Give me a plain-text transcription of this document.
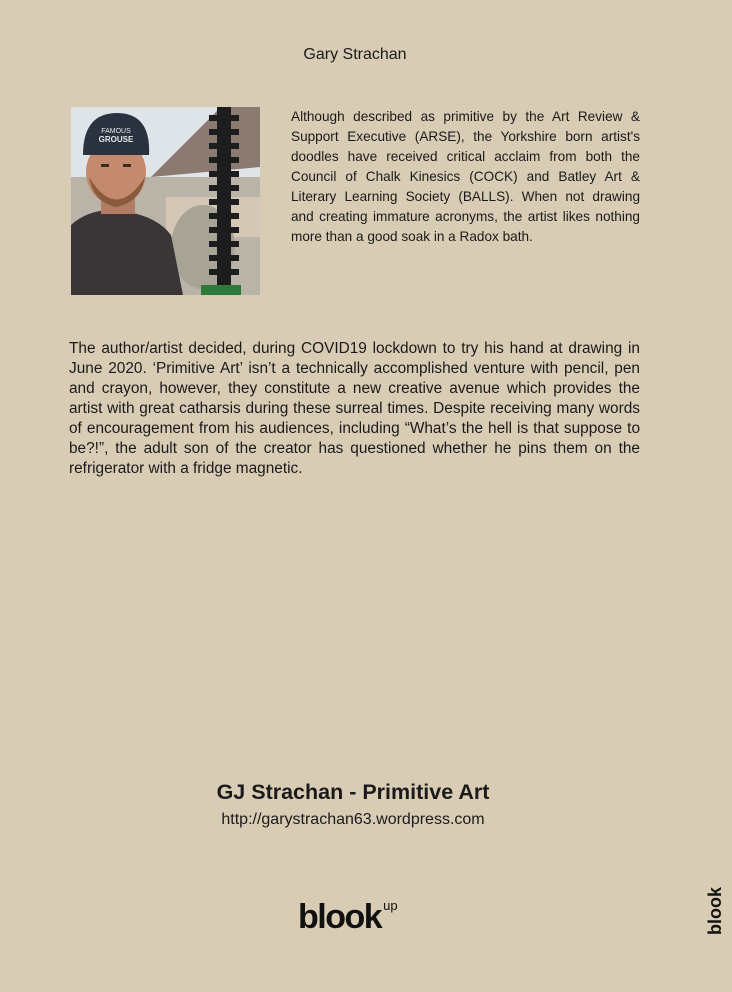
Gary Strachan
FAMOUS
GROUSE
Although described as primitive by the Art Review & Support Executive (ARSE), the Yorkshire born artist's doodles have received critical acclaim from both the Council of Chalk Kinesics (COCK) and Batley Art & Literary Learning Society (BALLS). When not drawing and creating immature acronyms, the artist likes nothing more than a good soak in a Radox bath.
The author/artist decided, during COVID19 lockdown to try his hand at drawing in June 2020. ‘Primitive Art’ isn’t a technically accomplished venture with pencil, pen and crayon, however, they constitute a new creative avenue which provides the artist with great catharsis during these surreal times. Despite receiving many words of encouragement from his audiences, including “What’s the hell is that suppose to be?!”, the adult son of the creator has questioned whether he pins them on the refrigerator with a fridge magnetic.
GJ Strachan - Primitive Art
http://garystrachan63.wordpress.com
blook $^{up}$	blook
